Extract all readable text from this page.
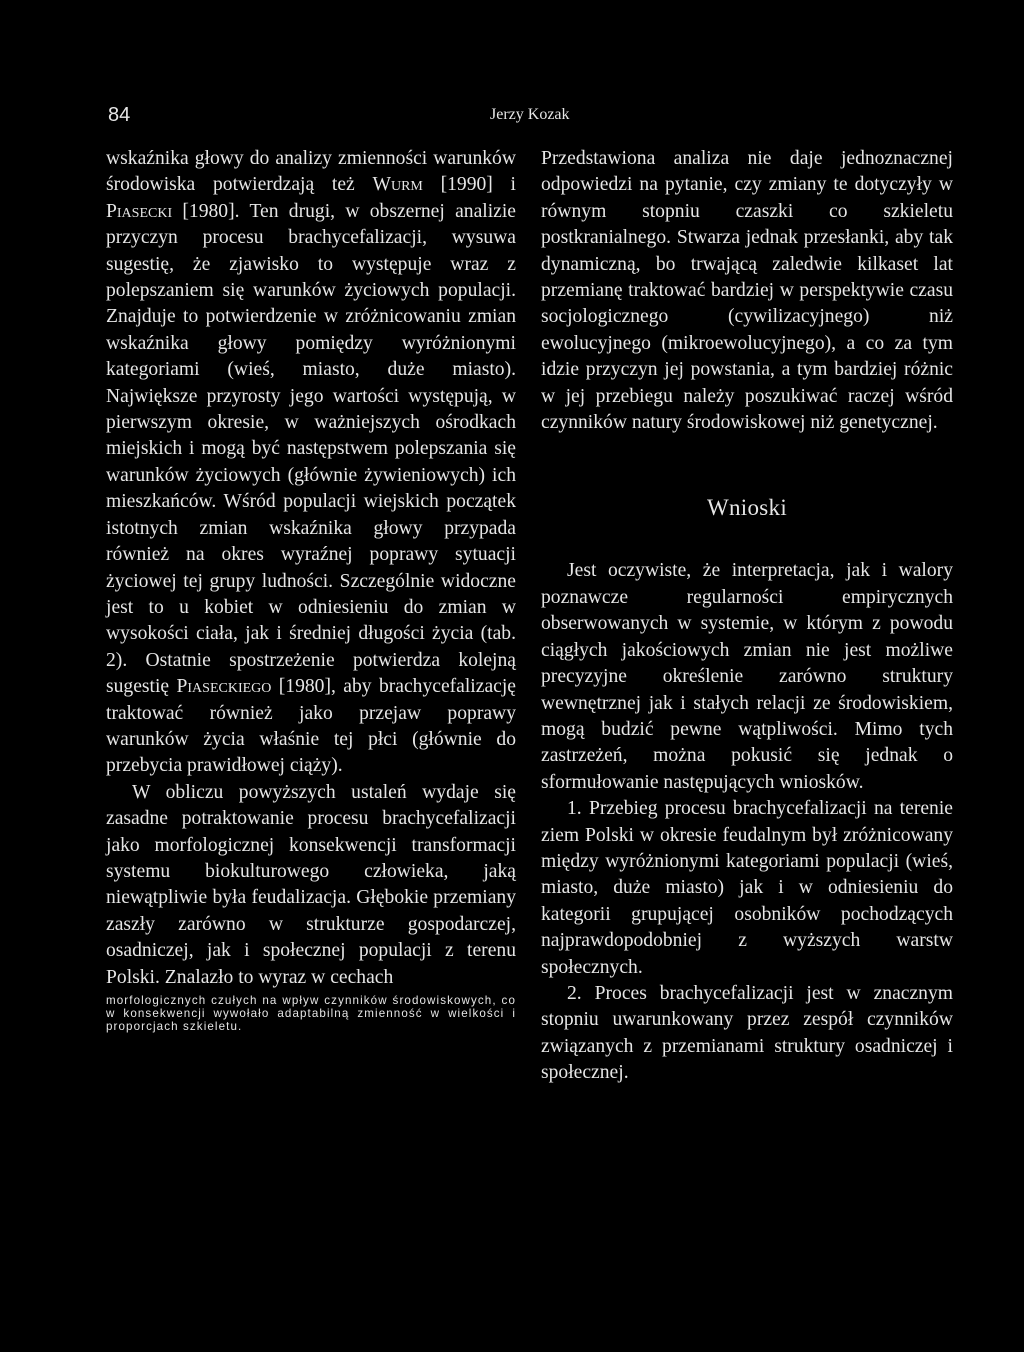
84	Jerzy Kozak

wskaźnika głowy do analizy zmienności warunków środowiska potwierdzają też Wurm [1990] i Piasecki [1980]. Ten drugi, w obszernej analizie przyczyn procesu brachycefalizacji, wysuwa sugestię, że zjawisko to występuje wraz z polepszaniem się warunków życiowych populacji. Znajduje to potwierdzenie w zróżnicowaniu zmian wskaźnika głowy pomiędzy wyróżnionymi kategoriami (wieś, miasto, duże miasto). Największe przyrosty jego wartości występują, w pierwszym okresie, w ważniejszych ośrodkach miejskich i mogą być następstwem polepszania się warunków życiowych (głównie żywieniowych) ich mieszkańców. Wśród populacji wiejskich początek istotnych zmian wskaźnika głowy przypada również na okres wyraźnej poprawy sytuacji życiowej tej grupy ludności. Szczególnie widoczne jest to u kobiet w odniesieniu do zmian w wysokości ciała, jak i średniej długości życia (tab. 2). Ostatnie spostrzeżenie potwierdza kolejną sugestię Piaseckiego [1980], aby brachycefalizację traktować również jako przejaw poprawy warunków życia właśnie tej płci (głównie do przebycia prawidłowej ciąży).

W obliczu powyższych ustaleń wydaje się zasadne potraktowanie procesu brachycefalizacji jako morfologicznej konsekwencji transformacji systemu biokulturowego człowieka, jaką niewątpliwie była feudalizacja. Głębokie przemiany zaszły zarówno w strukturze gospodarczej, osadniczej, jak i społecznej populacji z terenu Polski. Znalazło to wyraz w cechach

morfologicznych czułych na wpływ czynników środowiskowych, co w konsekwencji wywołało adaptabilną zmienność w wielkości i proporcjach szkieletu.

Przedstawiona analiza nie daje jednoznacznej odpowiedzi na pytanie, czy zmiany te dotyczyły w równym stopniu czaszki co szkieletu postkranialnego. Stwarza jednak przesłanki, aby tak dynamiczną, bo trwającą zaledwie kilkaset lat przemianę traktować bardziej w perspektywie czasu socjologicznego (cywilizacyjnego) niż ewolucyjnego (mikroewolucyjnego), a co za tym idzie przyczyn jej powstania, a tym bardziej różnic w jej przebiegu należy poszukiwać raczej wśród czynników natury środowiskowej niż genetycznej.

Wnioski

Jest oczywiste, że interpretacja, jak i walory poznawcze regularności empirycznych obserwowanych w systemie, w którym z powodu ciągłych jakościowych zmian nie jest możliwe precyzyjne określenie zarówno struktury wewnętrznej jak i stałych relacji ze środowiskiem, mogą budzić pewne wątpliwości. Mimo tych zastrzeżeń, można pokusić się jednak o sformułowanie następujących wniosków.

1. Przebieg procesu brachycefalizacji na terenie ziem Polski w okresie feudalnym był zróżnicowany między wyróżnionymi kategoriami populacji (wieś, miasto, duże miasto) jak i w odniesieniu do kategorii grupującej osobników pochodzących najprawdopodobniej z wyższych warstw społecznych.

2. Proces brachycefalizacji jest w znacznym stopniu uwarunkowany przez zespół czynników związanych z przemianami struktury osadniczej i społecznej.
